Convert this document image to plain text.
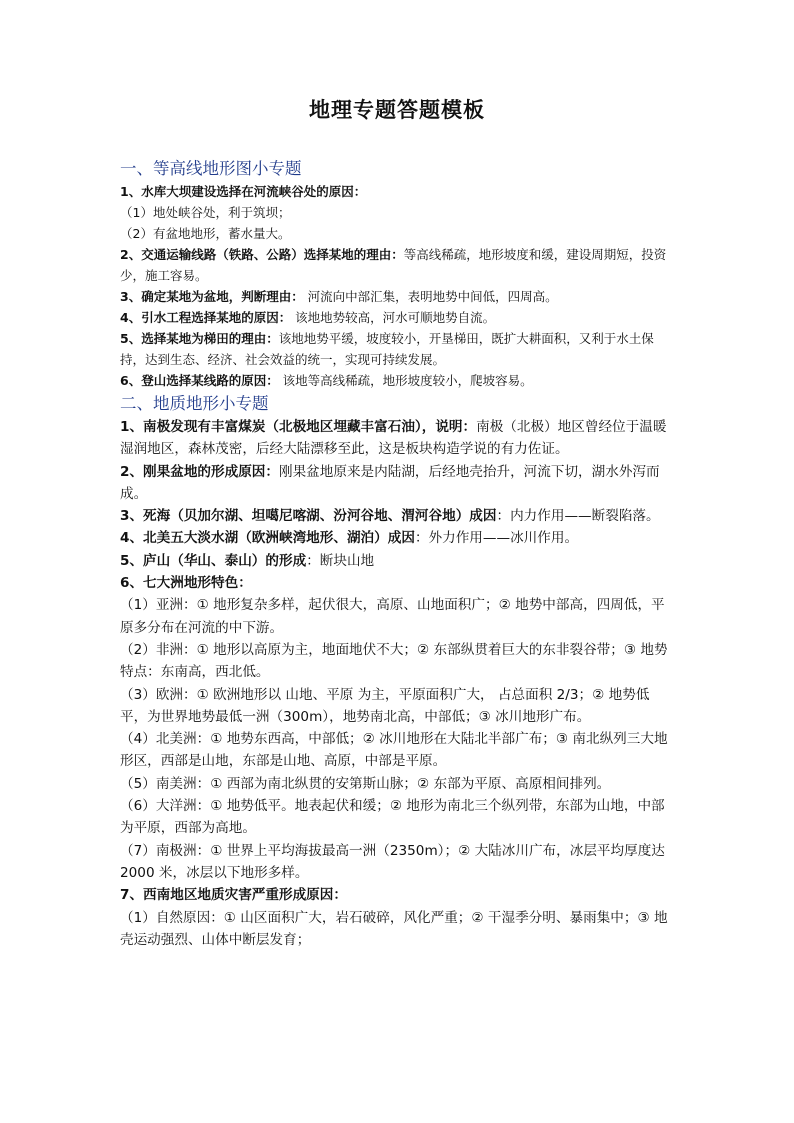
地理专题答题模板
一、等高线地形图小专题

1、水库大坝建设选择在河流峡谷处的原因：

（1）地处峡谷处，利于筑坝；

（2）有盆地地形，蓄水量大。

2、交通运输线路（铁路、公路）选择某地的理由：等高线稀疏，地形坡度和缓，建设周期短，投资少，施工容易。

3、确定某地为盆地，判断理由： 河流向中部汇集，表明地势中间低，四周高。

4、引水工程选择某地的原因： 该地地势较高，河水可顺地势自流。

5、选择某地为梯田的理由：该地地势平缓，坡度较小，开垦梯田，既扩大耕面积，又利于水土保持，达到生态、经济、社会效益的统一，实现可持续发展。

6、登山选择某线路的原因： 该地等高线稀疏，地形坡度较小，爬坡容易。

二、地质地形小专题

1、南极发现有丰富煤炭（北极地区埋藏丰富石油），说明：南极（北极）地区曾经位于温暖湿润地区，森林茂密，后经大陆漂移至此，这是板块构造学说的有力佐证。

2、刚果盆地的形成原因：刚果盆地原来是内陆湖，后经地壳抬升，河流下切，湖水外泻而成。

3、死海（贝加尔湖、坦噶尼喀湖、汾河谷地、渭河谷地）成因：内力作用——断裂陷落。

4、北美五大淡水湖（欧洲峡湾地形、湖泊）成因：外力作用——冰川作用。

5、庐山（华山、泰山）的形成：断块山地

6、七大洲地形特色：

（1）亚洲：① 地形复杂多样，起伏很大，高原、山地面积广；② 地势中部高，四周低，平原多分布在河流的中下游。

（2）非洲：① 地形以高原为主，地面地伏不大；② 东部纵贯着巨大的东非裂谷带；③ 地势特点：东南高，西北低。

（3）欧洲：① 欧洲地形以 山地、平原 为主，平原面积广大， 占总面积 2/3；② 地势低平，为世界地势最低一洲（300m），地势南北高，中部低；③ 冰川地形广布。

（4）北美洲：① 地势东西高，中部低；② 冰川地形在大陆北半部广布；③ 南北纵列三大地形区，西部是山地，东部是山地、高原，中部是平原。

（5）南美洲：① 西部为南北纵贯的安第斯山脉；② 东部为平原、高原相间排列。

（6）大洋洲：① 地势低平。地表起伏和缓；② 地形为南北三个纵列带，东部为山地，中部为平原，西部为高地。

（7）南极洲：① 世界上平均海拔最高一洲（2350m）；② 大陆冰川广布，冰层平均厚度达 2000 米，冰层以下地形多样。

7、西南地区地质灾害严重形成原因：

（1）自然原因：① 山区面积广大，岩石破碎，风化严重；② 干湿季分明、暴雨集中；③ 地壳运动强烈、山体中断层发育；
